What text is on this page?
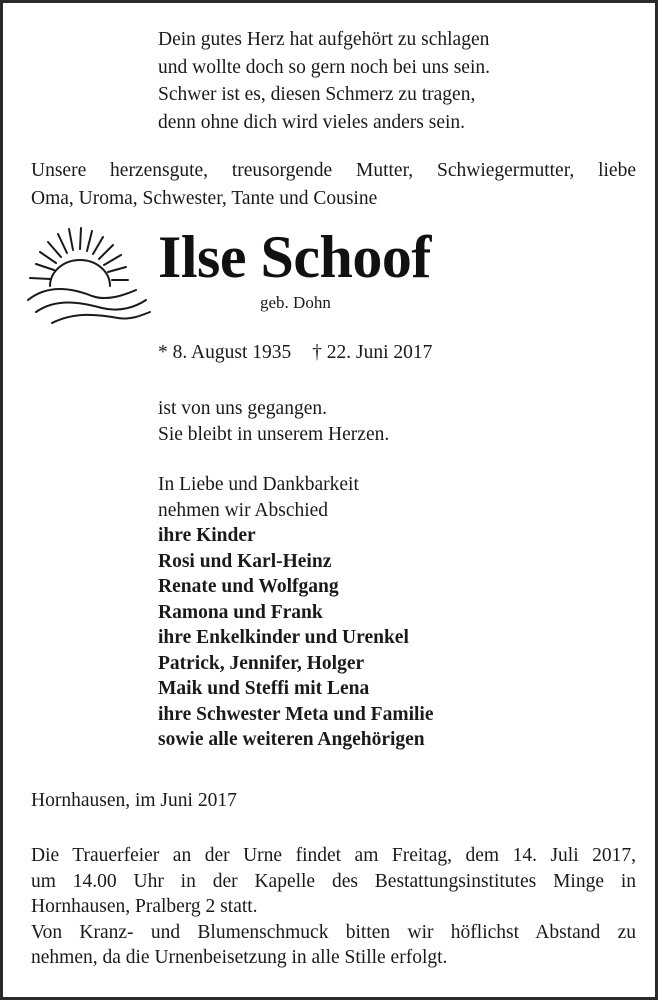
Dein gutes Herz hat aufgehört zu schlagen
und wollte doch so gern noch bei uns sein.
Schwer ist es, diesen Schmerz zu tragen,
denn ohne dich wird vieles anders sein.
Unsere herzensgute, treusorgende Mutter, Schwiegermutter, liebe
Oma, Uroma, Schwester, Tante und Cousine
Ilse Schoof
geb. Dohn
* 8. August 1935 † 22. Juni 2017
ist von uns gegangen.
Sie bleibt in unserem Herzen.
In Liebe und Dankbarkeit
nehmen wir Abschied
ihre Kinder
Rosi und Karl-Heinz
Renate und Wolfgang
Ramona und Frank
ihre Enkelkinder und Urenkel
Patrick, Jennifer, Holger
Maik und Steffi mit Lena
ihre Schwester Meta und Familie
sowie alle weiteren Angehörigen
Hornhausen, im Juni 2017
Die Trauerfeier an der Urne findet am Freitag, dem 14. Juli 2017,
um 14.00 Uhr in der Kapelle des Bestattungsinstitutes Minge in
Hornhausen, Pralberg 2 statt.
Von Kranz- und Blumenschmuck bitten wir höflichst Abstand zu
nehmen, da die Urnenbeisetzung in alle Stille erfolgt.
